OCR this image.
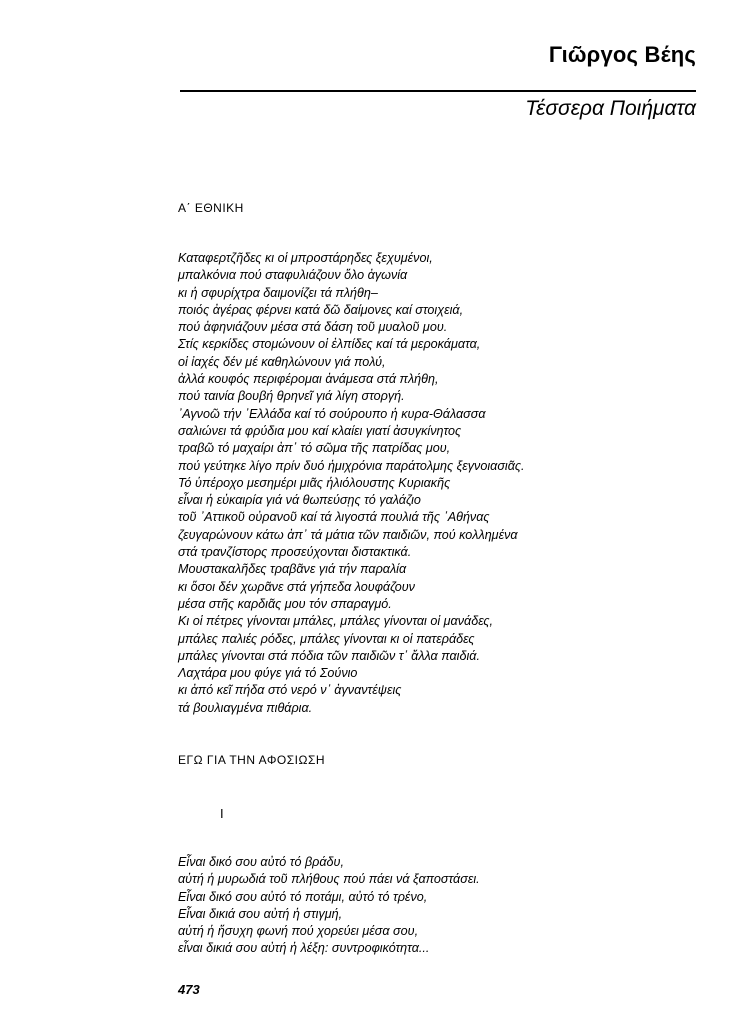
Γιῶργος Βέης
Τέσσερα Ποιήματα
Α΄ ΕΘΝΙΚΗ
Καταφερτζῆδες κι οἱ μπροστάρηδες ξεχυμένοι,
μπαλκόνια πού σταφυλιάζουν ὅλο ἀγωνία
κι ἡ σφυρίχτρα δαιμονίζει τά πλήθη–
ποιός ἀγέρας φέρνει κατά δῶ δαίμονες καί στοιχειά,
πού ἀφηνιάζουν μέσα στά δάση τοῦ μυαλοῦ μου.
Στίς κερκίδες στομώνουν οἱ ἐλπίδες καί τά μεροκάματα,
οἱ ἰαχές δέν μέ καθηλώνουν γιά πολύ,
ἀλλά κουφός περιφέρομαι ἀνάμεσα στά πλήθη,
πού ταινία βουβή θρηνεῖ γιά λίγη στοργή.
᾿Αγνοῶ τήν ᾿Ελλάδα καί τό σούρουπο ἡ κυρα-Θάλασσα
σαλιώνει τά φρύδια μου καί κλαίει γιατί ἀσυγκίνητος
τραβῶ τό μαχαίρι ἀπ᾿ τό σῶμα τῆς πατρίδας μου,
πού γεύτηκε λίγο πρίν δυό ἡμιχρόνια παράτολμης ξεγνοιασιᾶς.
Τό ὑπέροχο μεσημέρι μιᾶς ἡλιόλουστης Κυριακῆς
εἶναι ἡ εὐκαιρία γιά νά θωπεύσῃς τό γαλάζιο
τοῦ ᾿Αττικοῦ οὐρανοῦ καί τά λιγοστά πουλιά τῆς ᾿Αθήνας
ζευγαρώνουν κάτω ἀπ᾿ τά μάτια τῶν παιδιῶν, πού κολλημένα
στά τρανζίστορς προσεύχονται διστακτικά.
Μουστακαλῆδες τραβᾶνε γιά τήν παραλία
κι ὅσοι δέν χωρᾶνε στά γήπεδα λουφάζουν
μέσα στῆς καρδιᾶς μου τόν σπαραγμό.
Κι οἱ πέτρες γίνονται μπάλες, μπάλες γίνονται οἱ μανάδες,
μπάλες παλιές ρόδες, μπάλες γίνονται κι οἱ πατεράδες
μπάλες γίνονται στά πόδια τῶν παιδιῶν τ᾿ ἄλλα παιδιά.
Λαχτάρα μου φύγε γιά τό Σούνιο
κι ἀπό κεῖ πήδα στό νερό ν᾿ ἀγναντέψεις
τά βουλιαγμένα πιθάρια.
ΕΓΩ ΓΙΑ ΤΗΝ ΑΦΟΣΙΩΣΗ
I
Εἶναι δικό σου αὐτό τό βράδυ,
αὐτή ἡ μυρωδιά τοῦ πλήθους πού πάει νά ξαποστάσει.
Εἶναι δικό σου αὐτό τό ποτάμι, αὐτό τό τρένο,
Εἶναι δικιά σου αὐτή ἡ στιγμή,
αὐτή ἡ ἥσυχη φωνή πού χορεύει μέσα σου,
εἶναι δικιά σου αὐτή ἡ λέξη: συντροφικότητα...
473
